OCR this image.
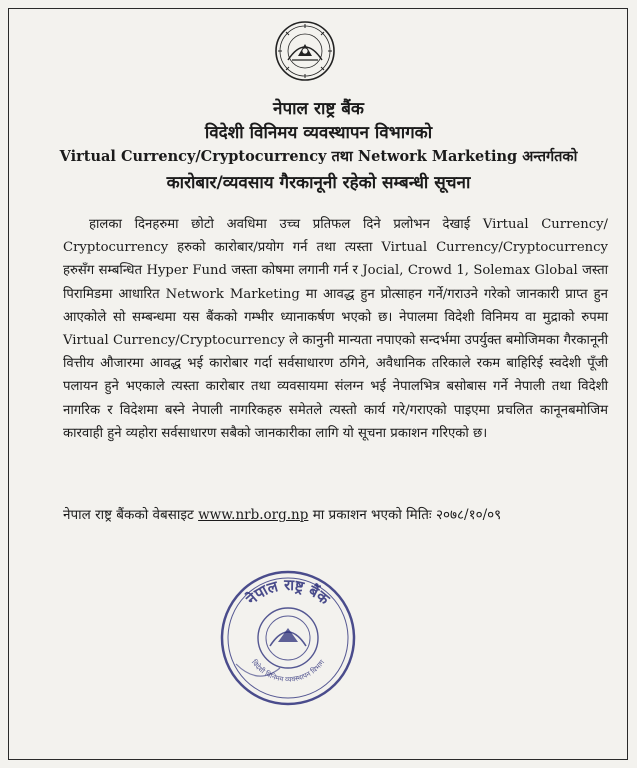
नेपाल राष्ट्र बैंक
विदेशी विनिमय व्यवस्थापन विभागको
Virtual Currency/Cryptocurrency तथा Network Marketing अन्तर्गतको
कारोबार/व्यवसाय गैरकानूनी रहेको सम्बन्धी सूचना

हालका दिनहरुमा छोटो अवधिमा उच्च प्रतिफल दिने प्रलोभन देखाई Virtual Currency/ Cryptocurrency हरुको कारोबार/प्रयोग गर्न तथा त्यस्ता Virtual Currency/Cryptocurrency हरुसँग सम्बन्धित Hyper Fund जस्ता कोषमा लगानी गर्न र Jocial, Crowd 1, Solemax Global जस्ता पिरामिडमा आधारित Network Marketing मा आवद्ध हुन प्रोत्साहन गर्ने/गराउने गरेको जानकारी प्राप्त हुन आएकोले सो सम्बन्धमा यस बैंकको गम्भीर ध्यानाकर्षण भएको छ। नेपालमा विदेशी विनिमय वा मुद्राको रुपमा Virtual Currency/Cryptocurrency ले कानुनी मान्यता नपाएको सन्दर्भमा उपर्युक्त बमोजिमका गैरकानूनी वित्तीय औजारमा आवद्ध भई कारोबार गर्दा सर्वसाधारण ठगिने, अवैधानिक तरिकाले रकम बाहिरिई स्वदेशी पूँजी पलायन हुने भएकाले त्यस्ता कारोबार तथा व्यवसायमा संलग्न भई नेपालभित्र बसोबास गर्ने नेपाली तथा विदेशी नागरिक र विदेशमा बस्ने नेपाली नागरिकहरु समेतले त्यस्तो कार्य गरे/गराएको पाइएमा प्रचलित कानूनबमोजिम कारवाही हुने व्यहोरा सर्वसाधारण सबैको जानकारीका लागि यो सूचना प्रकाशन गरिएको छ।

नेपाल राष्ट्र बैंकको वेबसाइट www.nrb.org.np मा प्रकाशन भएको मितिः २०७८/१०/०९
नेपाल राष्ट्र बैंक
विदेशी विनिमय व्यवस्थापन विभाग
